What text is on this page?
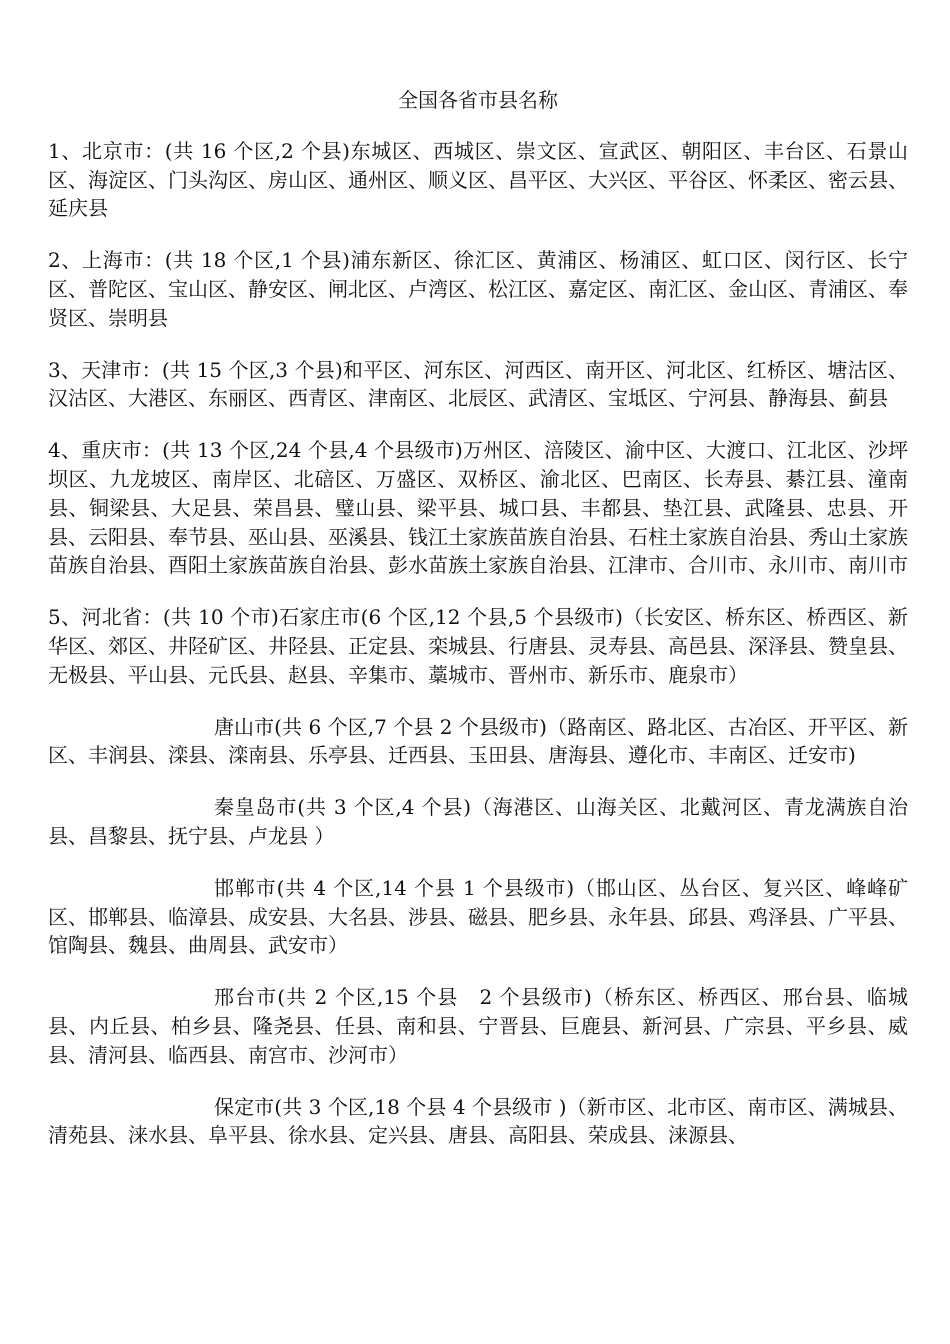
全国各省市县名称

1、北京市：(共 16 个区,2 个县)东城区、西城区、崇文区、宣武区、朝阳区、丰台区、石景山区、海淀区、门头沟区、房山区、通州区、顺义区、昌平区、大兴区、平谷区、怀柔区、密云县、延庆县

2、上海市：(共 18 个区,1 个县)浦东新区、徐汇区、黄浦区、杨浦区、虹口区、闵行区、长宁区、普陀区、宝山区、静安区、闸北区、卢湾区、松江区、嘉定区、南汇区、金山区、青浦区、奉贤区、崇明县

3、天津市：(共 15 个区,3 个县)和平区、河东区、河西区、南开区、河北区、红桥区、塘沽区、汉沽区、大港区、东丽区、西青区、津南区、北辰区、武清区、宝坻区、宁河县、静海县、蓟县

4、重庆市：(共 13 个区,24 个县,4 个县级市)万州区、涪陵区、渝中区、大渡口、江北区、沙坪坝区、九龙坡区、南岸区、北碚区、万盛区、双桥区、渝北区、巴南区、长寿县、綦江县、潼南县、铜梁县、大足县、荣昌县、璧山县、梁平县、城口县、丰都县、垫江县、武隆县、忠县、开县、云阳县、奉节县、巫山县、巫溪县、钱江土家族苗族自治县、石柱土家族自治县、秀山土家族苗族自治县、酉阳土家族苗族自治县、彭水苗族土家族自治县、江津市、合川市、永川市、南川市

5、河北省：(共 10 个市)石家庄市(6 个区,12 个县,5 个县级市)（长安区、桥东区、桥西区、新华区、郊区、井陉矿区、井陉县、正定县、栾城县、行唐县、灵寿县、高邑县、深泽县、赞皇县、无极县、平山县、元氏县、赵县、辛集市、藁城市、晋州市、新乐市、鹿泉市）

唐山市(共 6 个区,7 个县 2 个县级市)（路南区、路北区、古冶区、开平区、新区、丰润县、滦县、滦南县、乐亭县、迁西县、玉田县、唐海县、遵化市、丰南区、迁安市)

秦皇岛市(共 3 个区,4 个县)（海港区、山海关区、北戴河区、青龙满族自治县、昌黎县、抚宁县、卢龙县 ）

邯郸市(共 4 个区,14 个县 1 个县级市)（邯山区、丛台区、复兴区、峰峰矿区、邯郸县、临漳县、成安县、大名县、涉县、磁县、肥乡县、永年县、邱县、鸡泽县、广平县、馆陶县、魏县、曲周县、武安市）

邢台市(共 2 个区,15 个县　2 个县级市)（桥东区、桥西区、邢台县、临城县、内丘县、柏乡县、隆尧县、任县、南和县、宁晋县、巨鹿县、新河县、广宗县、平乡县、威县、清河县、临西县、南宫市、沙河市）

保定市(共 3 个区,18 个县 4 个县级市 )（新市区、北市区、南市区、满城县、清苑县、涞水县、阜平县、徐水县、定兴县、唐县、高阳县、荣成县、涞源县、
